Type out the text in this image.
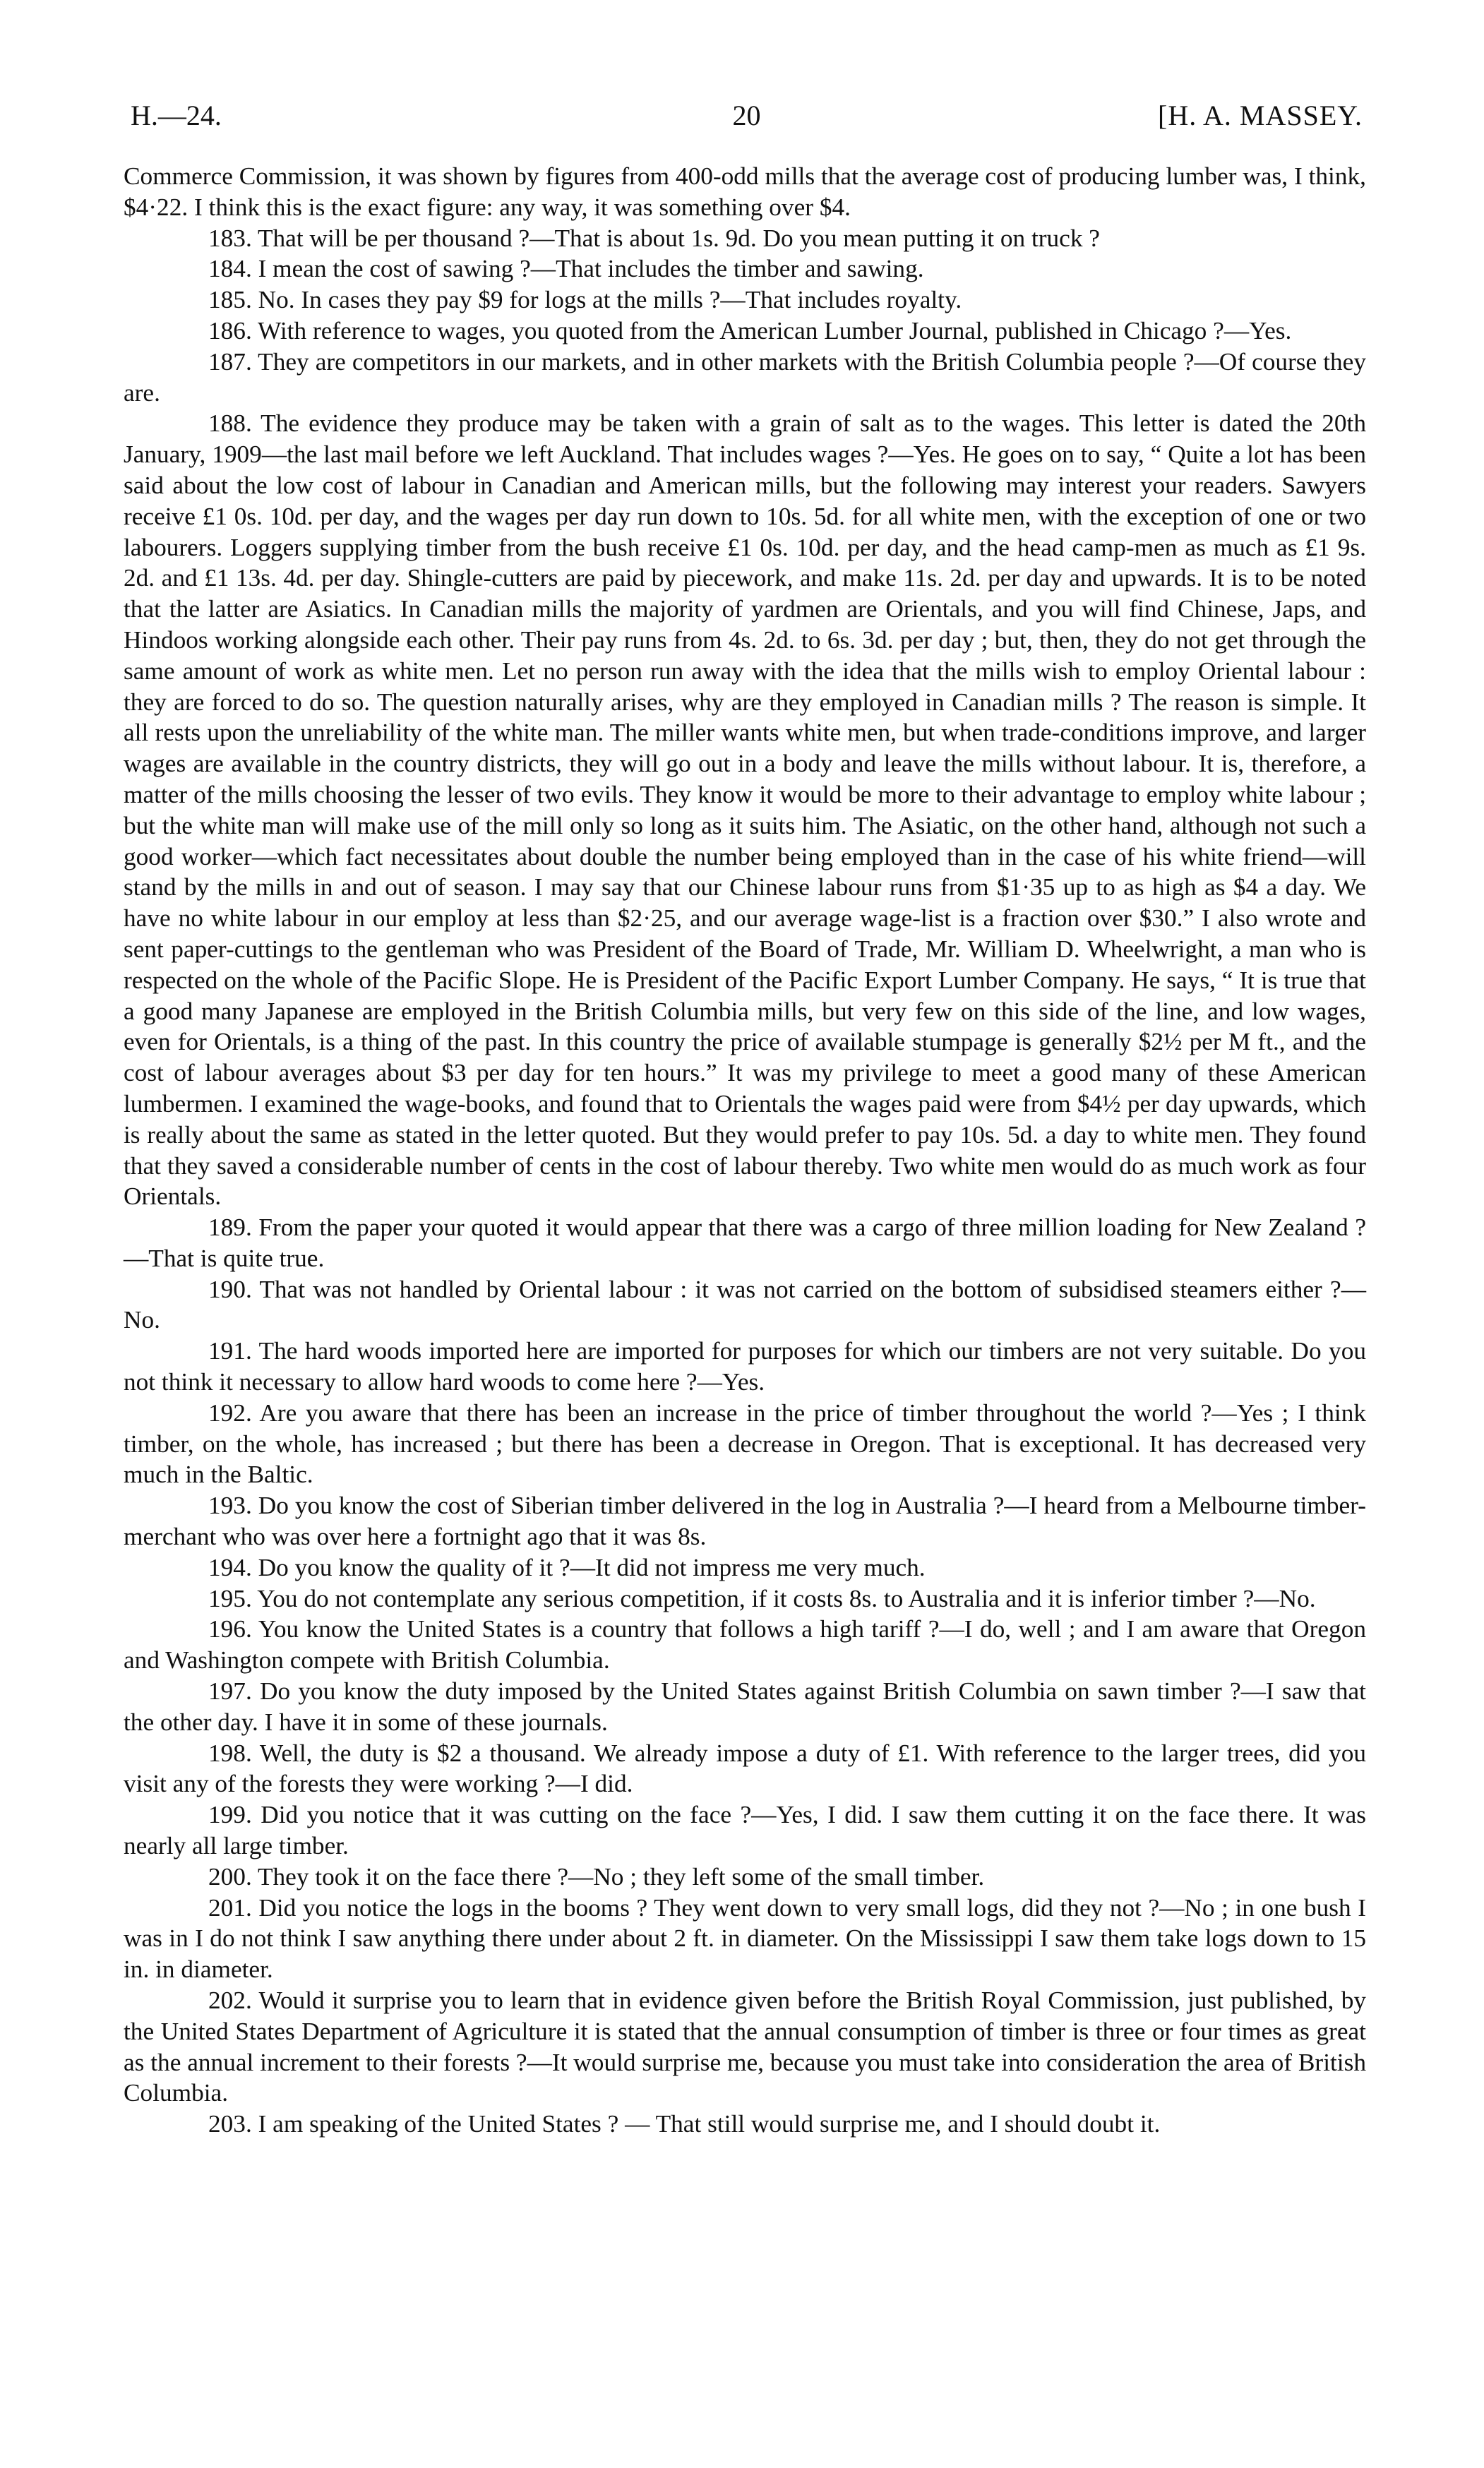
H.—24.	20	[H. A. MASSEY.

Commerce Commission, it was shown by figures from 400-odd mills that the average cost of producing lumber was, I think, $4·22. I think this is the exact figure: any way, it was something over $4.

183. That will be per thousand ?—That is about 1s. 9d. Do you mean putting it on truck ?

184. I mean the cost of sawing ?—That includes the timber and sawing.

185. No. In cases they pay $9 for logs at the mills ?—That includes royalty.

186. With reference to wages, you quoted from the American Lumber Journal, published in Chicago ?—Yes.

187. They are competitors in our markets, and in other markets with the British Columbia people ?—Of course they are.

188. The evidence they produce may be taken with a grain of salt as to the wages. This letter is dated the 20th January, 1909—the last mail before we left Auckland. That includes wages ?—Yes. He goes on to say, “ Quite a lot has been said about the low cost of labour in Canadian and American mills, but the following may interest your readers. Sawyers receive £1 0s. 10d. per day, and the wages per day run down to 10s. 5d. for all white men, with the exception of one or two labourers. Loggers supplying timber from the bush receive £1 0s. 10d. per day, and the head camp-men as much as £1 9s. 2d. and £1 13s. 4d. per day. Shingle-cutters are paid by piecework, and make 11s. 2d. per day and upwards. It is to be noted that the latter are Asiatics. In Canadian mills the majority of yardmen are Orientals, and you will find Chinese, Japs, and Hindoos working alongside each other. Their pay runs from 4s. 2d. to 6s. 3d. per day ; but, then, they do not get through the same amount of work as white men. Let no person run away with the idea that the mills wish to employ Oriental labour : they are forced to do so. The question naturally arises, why are they employed in Canadian mills ? The reason is simple. It all rests upon the unreliability of the white man. The miller wants white men, but when trade-conditions improve, and larger wages are available in the country districts, they will go out in a body and leave the mills without labour. It is, therefore, a matter of the mills choosing the lesser of two evils. They know it would be more to their advantage to employ white labour ; but the white man will make use of the mill only so long as it suits him. The Asiatic, on the other hand, although not such a good worker—which fact necessitates about double the number being employed than in the case of his white friend—will stand by the mills in and out of season. I may say that our Chinese labour runs from $1·35 up to as high as $4 a day. We have no white labour in our employ at less than $2·25, and our average wage-list is a fraction over $30.” I also wrote and sent paper-cuttings to the gentleman who was President of the Board of Trade, Mr. William D. Wheelwright, a man who is respected on the whole of the Pacific Slope. He is President of the Pacific Export Lumber Company. He says, “ It is true that a good many Japanese are employed in the British Columbia mills, but very few on this side of the line, and low wages, even for Orientals, is a thing of the past. In this country the price of available stumpage is generally $2½ per M ft., and the cost of labour averages about $3 per day for ten hours.” It was my privilege to meet a good many of these American lumbermen. I examined the wage-books, and found that to Orientals the wages paid were from $4½ per day upwards, which is really about the same as stated in the letter quoted. But they would prefer to pay 10s. 5d. a day to white men. They found that they saved a considerable number of cents in the cost of labour thereby. Two white men would do as much work as four Orientals.

189. From the paper your quoted it would appear that there was a cargo of three million loading for New Zealand ?—That is quite true.

190. That was not handled by Oriental labour : it was not carried on the bottom of subsidised steamers either ?—No.

191. The hard woods imported here are imported for purposes for which our timbers are not very suitable. Do you not think it necessary to allow hard woods to come here ?—Yes.

192. Are you aware that there has been an increase in the price of timber throughout the world ?—Yes ; I think timber, on the whole, has increased ; but there has been a decrease in Oregon. That is exceptional. It has decreased very much in the Baltic.

193. Do you know the cost of Siberian timber delivered in the log in Australia ?—I heard from a Melbourne timber-merchant who was over here a fortnight ago that it was 8s.

194. Do you know the quality of it ?—It did not impress me very much.

195. You do not contemplate any serious competition, if it costs 8s. to Australia and it is inferior timber ?—No.

196. You know the United States is a country that follows a high tariff ?—I do, well ; and I am aware that Oregon and Washington compete with British Columbia.

197. Do you know the duty imposed by the United States against British Columbia on sawn timber ?—I saw that the other day. I have it in some of these journals.

198. Well, the duty is $2 a thousand. We already impose a duty of £1. With reference to the larger trees, did you visit any of the forests they were working ?—I did.

199. Did you notice that it was cutting on the face ?—Yes, I did. I saw them cutting it on the face there. It was nearly all large timber.

200. They took it on the face there ?—No ; they left some of the small timber.

201. Did you notice the logs in the booms ? They went down to very small logs, did they not ?—No ; in one bush I was in I do not think I saw anything there under about 2 ft. in diameter. On the Mississippi I saw them take logs down to 15 in. in diameter.

202. Would it surprise you to learn that in evidence given before the British Royal Commission, just published, by the United States Department of Agriculture it is stated that the annual consumption of timber is three or four times as great as the annual increment to their forests ?—It would surprise me, because you must take into consideration the area of British Columbia.

203. I am speaking of the United States ? — That still would surprise me, and I should doubt it.
